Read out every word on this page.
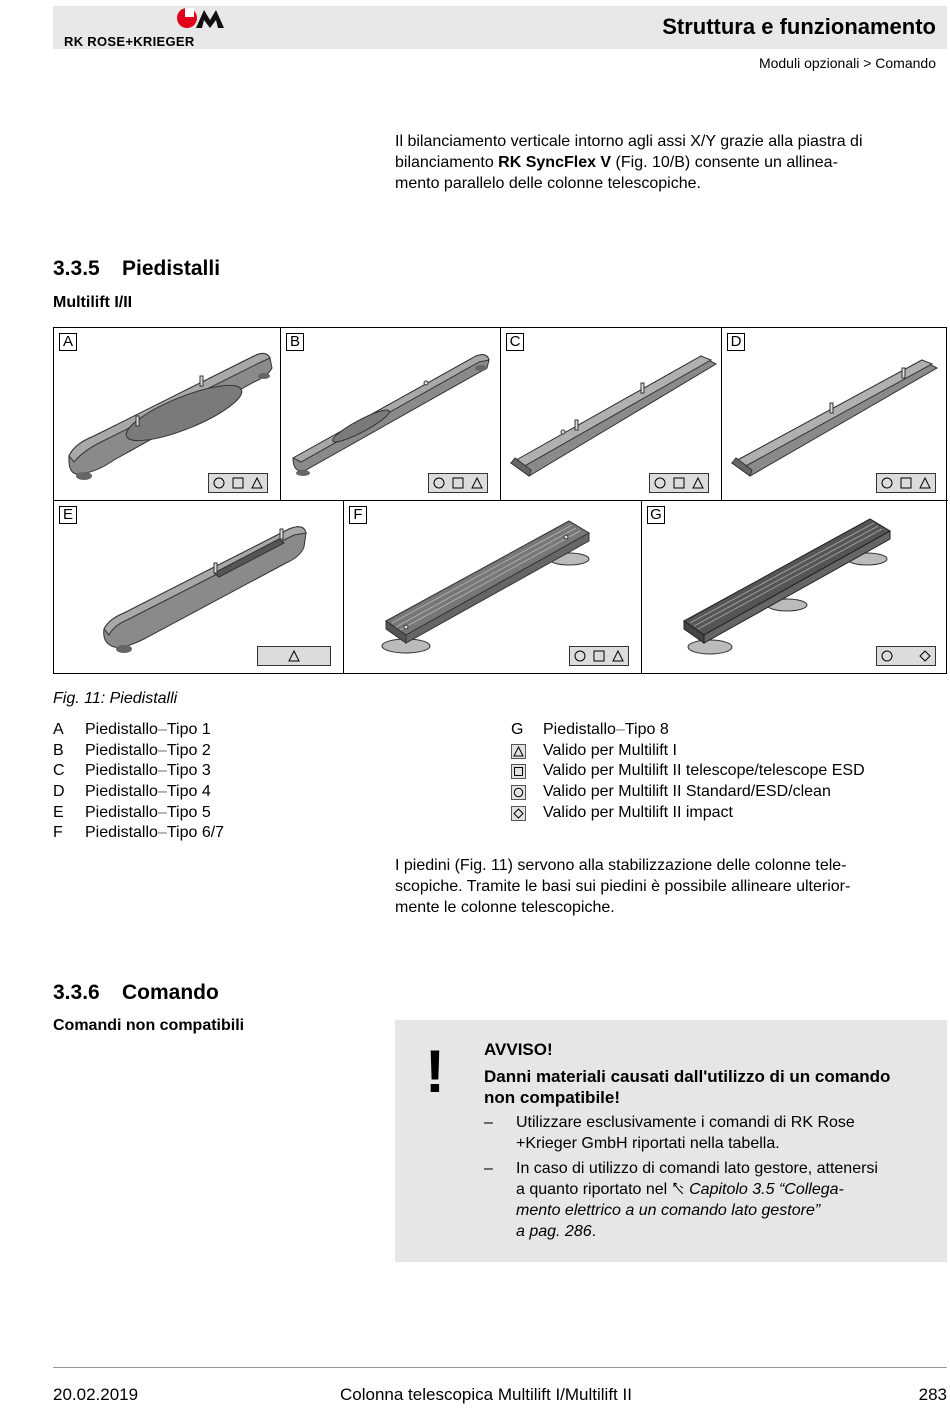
RK ROSE+KRIEGER
Struttura e funzionamento
Moduli opzionali > Comando
Il bilanciamento verticale intorno agli assi X/Y grazie alla piastra di
bilanciamento RK SyncFlex V (Fig. 10/B) consente un allinea-
mento parallelo delle colonne telescopiche.
3.3.5 Piedistalli
Multilift I/II
A	B	C	D
E	F	G
Fig. 11: Piedistalli
A	Piedistallo – Tipo 1
B	Piedistallo – Tipo 2
C	Piedistallo – Tipo 3
D	Piedistallo – Tipo 4
E	Piedistallo – Tipo 5
F	Piedistallo – Tipo 6/7
G	Piedistallo – Tipo 8
Valido per Multilift I
Valido per Multilift II telescope/telescope ESD
Valido per Multilift II Standard/ESD/clean
Valido per Multilift II impact
I piedini (Fig. 11) servono alla stabilizzazione delle colonne tele-
scopiche. Tramite le basi sui piedini è possibile allineare ulterior-
mente le colonne telescopiche.
3.3.6 Comando
Comandi non compatibili
! AVVISO!
Danni materiali causati dall'utilizzo di un comando
non compatibile!
– Utilizzare esclusivamente i comandi di RK Rose
+Krieger GmbH riportati nella tabella.
– In caso di utilizzo di comandi lato gestore, attenersi
a quanto riportato nel  Capitolo 3.5 “Collega-
mento elettrico a un comando lato gestore”
a pag. 286.
20.02.2019	Colonna telescopica Multilift I/Multilift II	283
